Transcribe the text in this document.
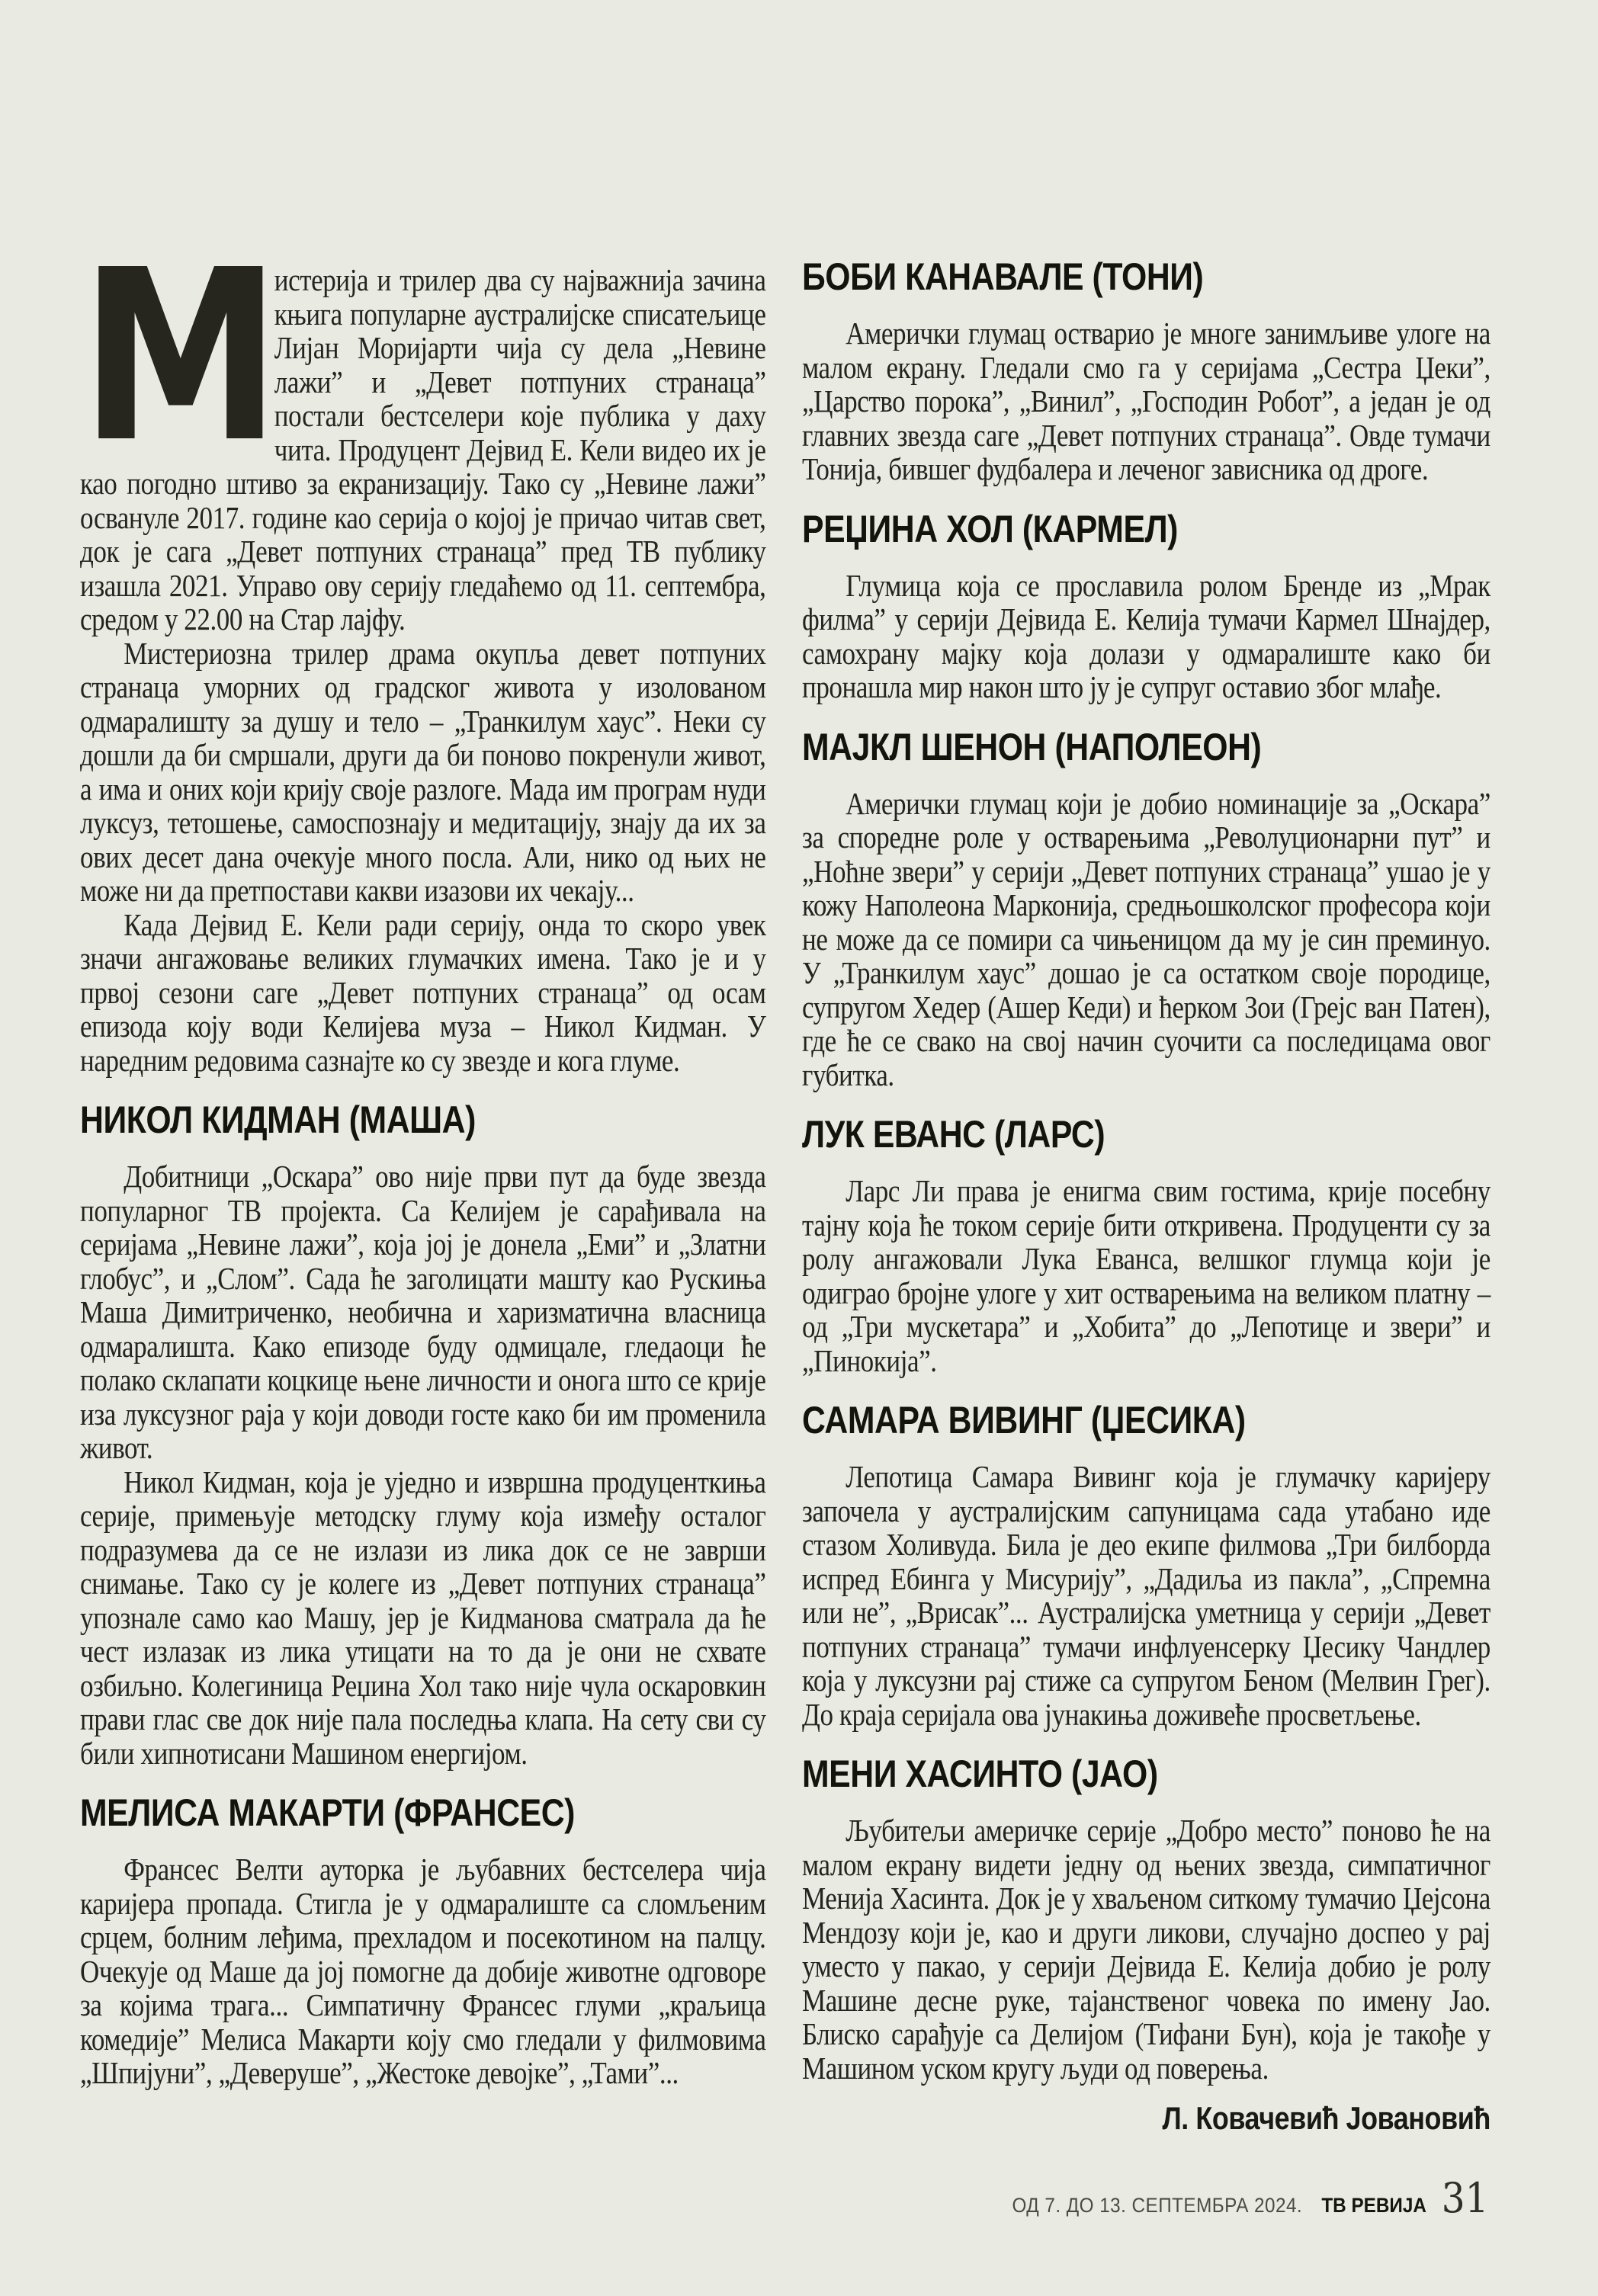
М
истерија и трилер два су најважнија зачина књига популарне аустралијске списатељице Лијан Моријарти чија су дела „Невине лажи” и „Девет потпуних странаца” постали бестселери које публика у даху чита. Продуцент Дејвид Е. Кели видео их је као погодно штиво за екранизацију. Тако су „Невине лажи” освануле 2017. године као серија о којој је причао читав свет, док је сага „Девет потпуних странаца” пред ТВ публику изашла 2021. Управо ову серију гледаћемо од 11. септембра, средом у 22.00 на Стар лајфу.

Мистериозна трилер драма окупља девет потпуних странаца уморних од градског живота у изолованом одмаралишту за душу и тело – „Транкилум хаус”. Неки су дошли да би смршали, други да би поново покренули живот, а има и оних који крију своје разлоге. Мада им програм нуди луксуз, тетошење, самоспознају и медитацију, знају да их за ових десет дана очекује много посла. Али, нико од њих не може ни да претпостави какви изазови их чекају...

Када Дејвид Е. Кели ради серију, онда то скоро увек значи ангажовање великих глумачких имена. Тако је и у првој сезони саге „Девет потпуних странаца” од осам епизода коју води Келијева муза – Никол Кидман. У наредним редовима сазнајте ко су звезде и кога глуме.

НИКОЛ КИДМАН (МАША)

Добитници „Оскара” ово није први пут да буде звезда популарног ТВ пројекта. Са Келијем је сарађивала на серијама „Невине лажи”, која јој је донела „Еми” и „Златни глобус”, и „Слом”. Сада ће заголицати машту као Рускиња Маша Димитриченко, необична и харизматична власница одмаралишта. Како епизоде буду одмицале, гледаоци ће полако склапати коцкице њене личности и онога што се крије иза луксузног раја у који доводи госте како би им променила живот.

Никол Кидман, која је уједно и извршна продуценткиња серије, примењује методску глуму која између осталог подразумева да се не излази из лика док се не заврши снимање. Тако су је колеге из „Девет потпуних странаца” упознале само као Машу, јер је Кидманова сматрала да ће чест излазак из лика утицати на то да је они не схвате озбиљно. Колегиница Реџина Хол тако није чула оскаровкин прави глас све док није пала последња клапа. На сету сви су били хипнотисани Машином енергијом.

МЕЛИСА МАКАРТИ (ФРАНСЕС)

Франсес Велти ауторка је љубавних бестселера чија каријера пропада. Стигла је у одмаралиште са сломљеним срцем, болним леђима, прехладом и посекотином на палцу. Очекује од Маше да јој помогне да добије животне одговоре за којима трага... Симпатичну Франсес глуми „краљица комедије” Мелиса Макарти коју смо гледали у филмовима „Шпијуни”, „Деверуше”, „Жестоке девојке”, „Тами”...

БОБИ КАНАВАЛЕ (ТОНИ)

Амерички глумац остварио је многе занимљиве улоге на малом екрану. Гледали смо га у серијама „Сестра Џеки”, „Царство порока”, „Винил”, „Господин Робот”, а један је од главних звезда саге „Девет потпуних странаца”. Овде тумачи Тонија, бившег фудбалера и леченог зависника од дроге.

РЕЏИНА ХОЛ (КАРМЕЛ)

Глумица која се прославила ролом Бренде из „Мрак филма” у серији Дејвида Е. Келија тумачи Кармел Шнајдер, самохрану мајку која долази у одмаралиште како би пронашла мир након што ју је супруг оставио због млађе.

МАЈКЛ ШЕНОН (НАПОЛЕОН)

Амерички глумац који је добио номинације за „Оскара” за споредне роле у остварењима „Револуционарни пут” и „Ноћне звери” у серији „Девет потпуних странаца” ушао је у кожу Наполеона Марконија, средњошколског професора који не може да се помири са чињеницом да му је син преминуо. У „Транкилум хаус” дошао је са остатком своје породице, супругом Хедер (Ашер Кеди) и ћерком Зои (Грејс ван Патен), где ће се свако на свој начин суочити са последицама овог губитка.

ЛУК ЕВАНС (ЛАРС)

Ларс Ли права је енигма свим гостима, крије посебну тајну која ће током серије бити откривена. Продуценти су за ролу ангажовали Лука Еванса, велшког глумца који је одиграо бројне улоге у хит остварењима на великом платну – од „Три мускетара” и „Хобита” до „Лепотице и звери” и „Пинокија”.

САМАРА ВИВИНГ (ЏЕСИКА)

Лепотица Самара Вивинг која је глумачку каријеру започела у аустралијским сапуницама сада утабано иде стазом Холивуда. Била је део екипе филмова „Три билборда испред Ебинга у Мисурију”, „Дадиља из пакла”, „Спремна или не”, „Врисак”... Аустралијска уметница у серији „Девет потпуних странаца” тумачи инфлуенсерку Џесику Чандлер која у луксузни рај стиже са супругом Беном (Мелвин Грег). До краја серијала ова јунакиња доживеће просветљење.

МЕНИ ХАСИНТО (ЈАО)

Љубитељи америчке серије „Добро место” поново ће на малом екрану видети једну од њених звезда, симпатичног Менија Хасинта. Док је у хваљеном ситкому тумачио Џејсона Мендозу који је, као и други ликови, случајно доспео у рај уместо у пакао, у серији Дејвида Е. Келија добио је ролу Машине десне руке, тајанственог човека по имену Јао. Блиско сарађује са Делијом (Тифани Бун), која је такође у Машином уском кругу људи од поверења.

Л. Ковачевић Јовановић

ОД 7. ДО 13. СЕПТЕМБРА 2024. ТВ РЕВИЈА 31
